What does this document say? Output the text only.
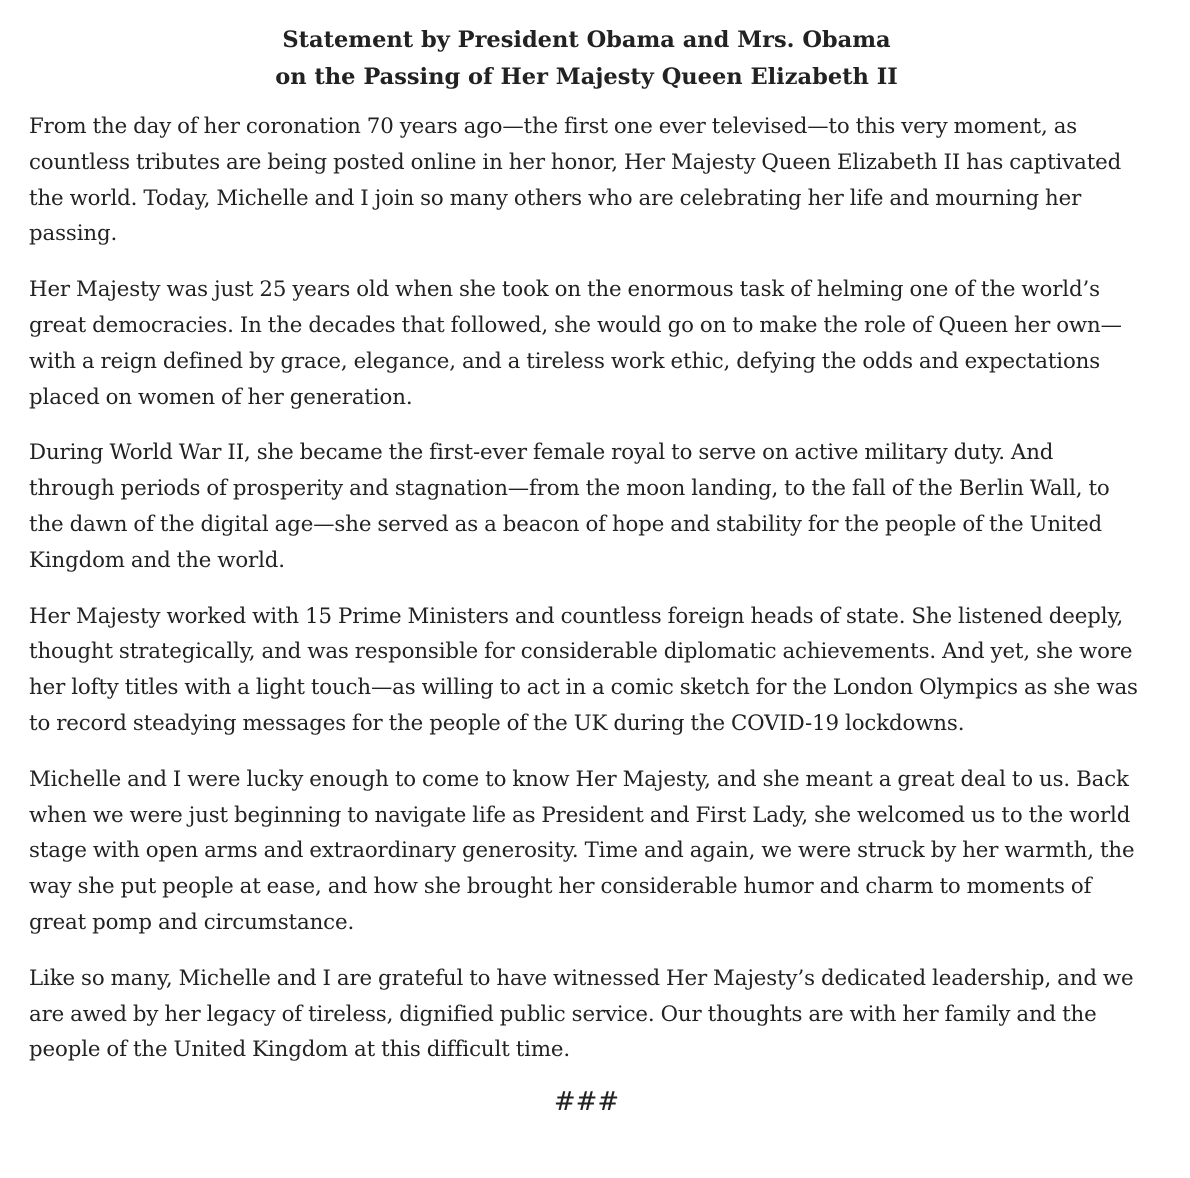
Statement by President Obama and Mrs. Obama
on the Passing of Her Majesty Queen Elizabeth II

From the day of her coronation 70 years ago—the first one ever televised—to this very moment, as countless tributes are being posted online in her honor, Her Majesty Queen Elizabeth II has captivated the world. Today, Michelle and I join so many others who are celebrating her life and mourning her passing.

Her Majesty was just 25 years old when she took on the enormous task of helming one of the world’s great democracies. In the decades that followed, she would go on to make the role of Queen her own—with a reign defined by grace, elegance, and a tireless work ethic, defying the odds and expectations placed on women of her generation.

During World War II, she became the first-ever female royal to serve on active military duty. And through periods of prosperity and stagnation—from the moon landing, to the fall of the Berlin Wall, to the dawn of the digital age—she served as a beacon of hope and stability for the people of the United Kingdom and the world.

Her Majesty worked with 15 Prime Ministers and countless foreign heads of state. She listened deeply, thought strategically, and was responsible for considerable diplomatic achievements. And yet, she wore her lofty titles with a light touch—as willing to act in a comic sketch for the London Olympics as she was to record steadying messages for the people of the UK during the COVID-19 lockdowns.

Michelle and I were lucky enough to come to know Her Majesty, and she meant a great deal to us. Back when we were just beginning to navigate life as President and First Lady, she welcomed us to the world stage with open arms and extraordinary generosity. Time and again, we were struck by her warmth, the way she put people at ease, and how she brought her considerable humor and charm to moments of great pomp and circumstance.

Like so many, Michelle and I are grateful to have witnessed Her Majesty’s dedicated leadership, and we are awed by her legacy of tireless, dignified public service. Our thoughts are with her family and the people of the United Kingdom at this difficult time.

###
